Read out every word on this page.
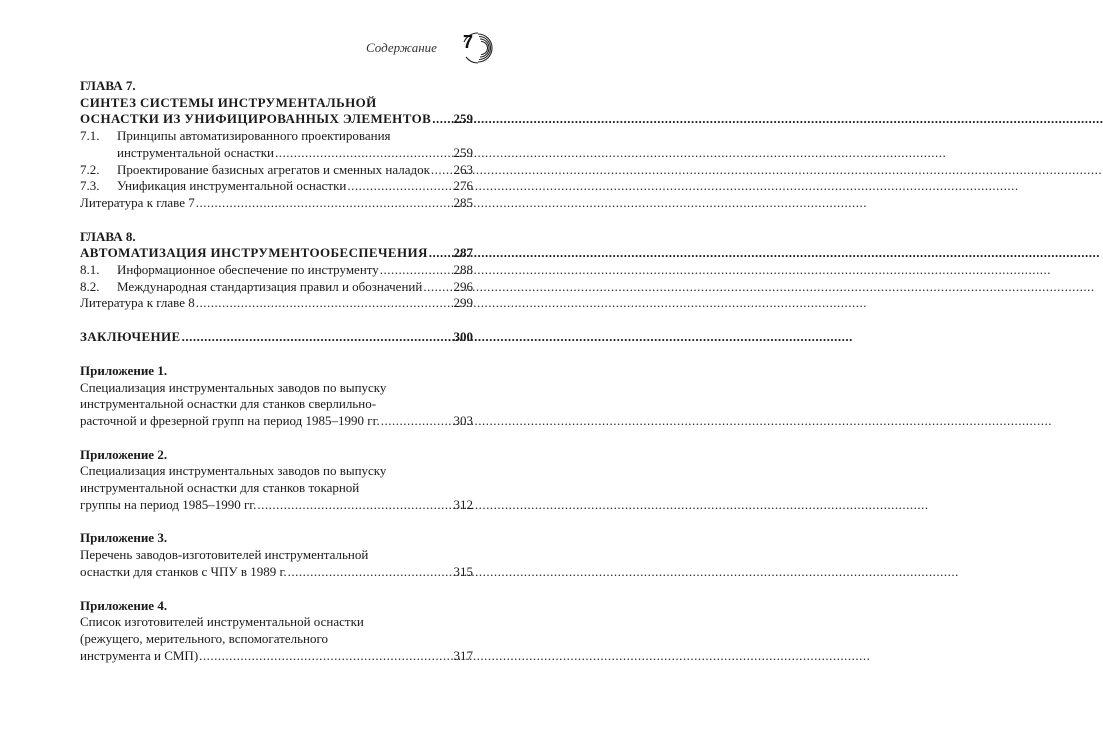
Содержание 7
ГЛАВА 7.
СИНТЕЗ СИСТЕМЫ ИНСТРУМЕНТАЛЬНОЙ
ОСНАСТКИ ИЗ УНИФИЦИРОВАННЫХ ЭЛЕМЕНТОВ ..... 259
7.1. Принципы автоматизированного проектирования
инструментальной оснастки .....	259
7.2.	Проектирование базисных агрегатов и сменных наладок ..... 263
7.3.	Унификация инструментальной оснастки .....	276
Литература к главе 7 .....	285
ГЛАВА 8.
АВТОМАТИЗАЦИЯ ИНСТРУМЕНТООБЕСПЕЧЕНИЯ ..... 287
8.1.	Информационное обеспечение по инструменту .....	288
8.2.	Международная стандартизация правил и обозначений ..... 296
Литература к главе 8 .....	299
ЗАКЛЮЧЕНИЕ .....	300
Приложение 1.
Специализация инструментальных заводов по выпуску
инструментальной оснастки для станков сверлильно-
расточной и фрезерной групп на период 1985–1990 гг. .....	303
Приложение 2.
Специализация инструментальных заводов по выпуску
инструментальной оснастки для станков токарной
группы на период 1985–1990 гг. .....	312
Приложение 3.
Перечень заводов-изготовителей инструментальной
оснастки для станков с ЧПУ в 1989 г. .....	315
Приложение 4.
Список изготовителей инструментальной оснастки
(режущего, мерительного, вспомогательного
инструмента и СМП) .....	317
